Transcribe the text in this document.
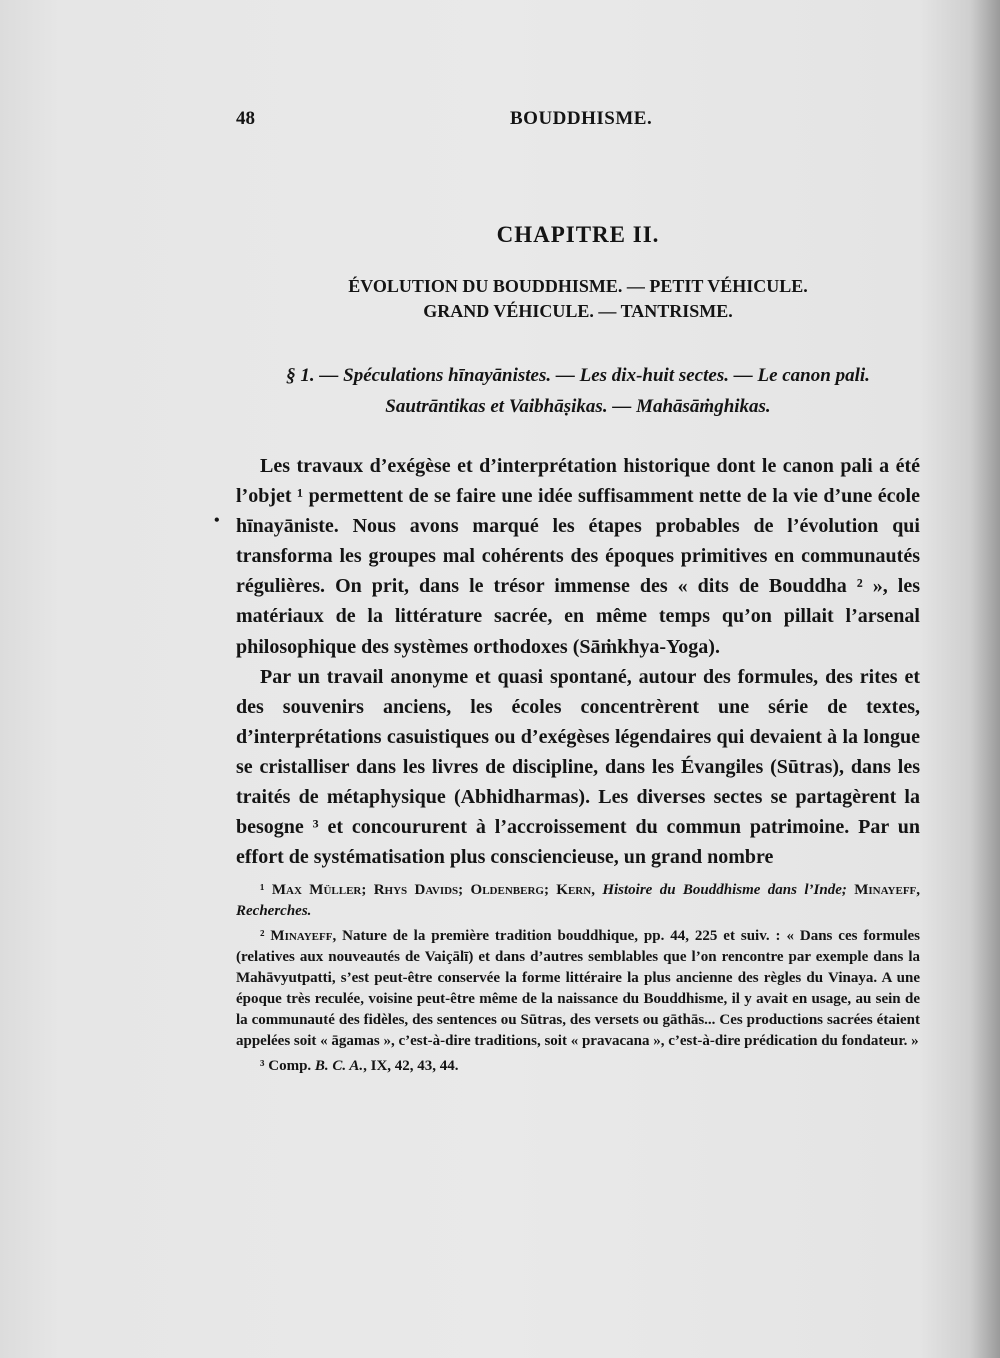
48	BOUDDHISME.
CHAPITRE II.
ÉVOLUTION DU BOUDDHISME. — PETIT VÉHICULE.
GRAND VÉHICULE. — TANTRISME.
§ 1. — Spéculations hīnayānistes. — Les dix-huit sectes. — Le canon pali.
Sautrāntikas et Vaibhāṣikas. — Mahāsāṁghikas.
•

Les travaux d’exégèse et d’interprétation historique dont le canon pali a été l’objet ¹ permettent de se faire une idée suffisamment nette de la vie d’une école hīnayāniste. Nous avons marqué les étapes probables de l’évolution qui transforma les groupes mal cohérents des époques primitives en communautés régulières. On prit, dans le trésor immense des « dits de Bouddha ² », les matériaux de la littérature sacrée, en même temps qu’on pillait l’arsenal philosophique des systèmes orthodoxes (Sāṁkhya-Yoga).

Par un travail anonyme et quasi spontané, autour des formules, des rites et des souvenirs anciens, les écoles concentrèrent une série de textes, d’interprétations casuistiques ou d’exégèses légendaires qui devaient à la longue se cristalliser dans les livres de discipline, dans les Évangiles (Sūtras), dans les traités de métaphysique (Abhidharmas). Les diverses sectes se partagèrent la besogne ³ et concoururent à l’accroissement du commun patrimoine. Par un effort de systématisation plus consciencieuse, un grand nombre

¹ Max Müller; Rhys Davids; Oldenberg; Kern, Histoire du Bouddhisme dans l’Inde; Minayeff, Recherches.

² Minayeff, Nature de la première tradition bouddhique, pp. 44, 225 et suiv. : « Dans ces formules (relatives aux nouveautés de Vaiçālī) et dans d’autres semblables que l’on rencontre par exemple dans la Mahāvyutpatti, s’est peut-être conservée la forme littéraire la plus ancienne des règles du Vinaya. A une époque très reculée, voisine peut-être même de la naissance du Bouddhisme, il y avait en usage, au sein de la communauté des fidèles, des sentences ou Sūtras, des versets ou gāthās... Ces productions sacrées étaient appelées soit « āgamas », c’est-à-dire traditions, soit « pravacana », c’est-à-dire prédication du fondateur. »

³ Comp. B. C. A., IX, 42, 43, 44.
